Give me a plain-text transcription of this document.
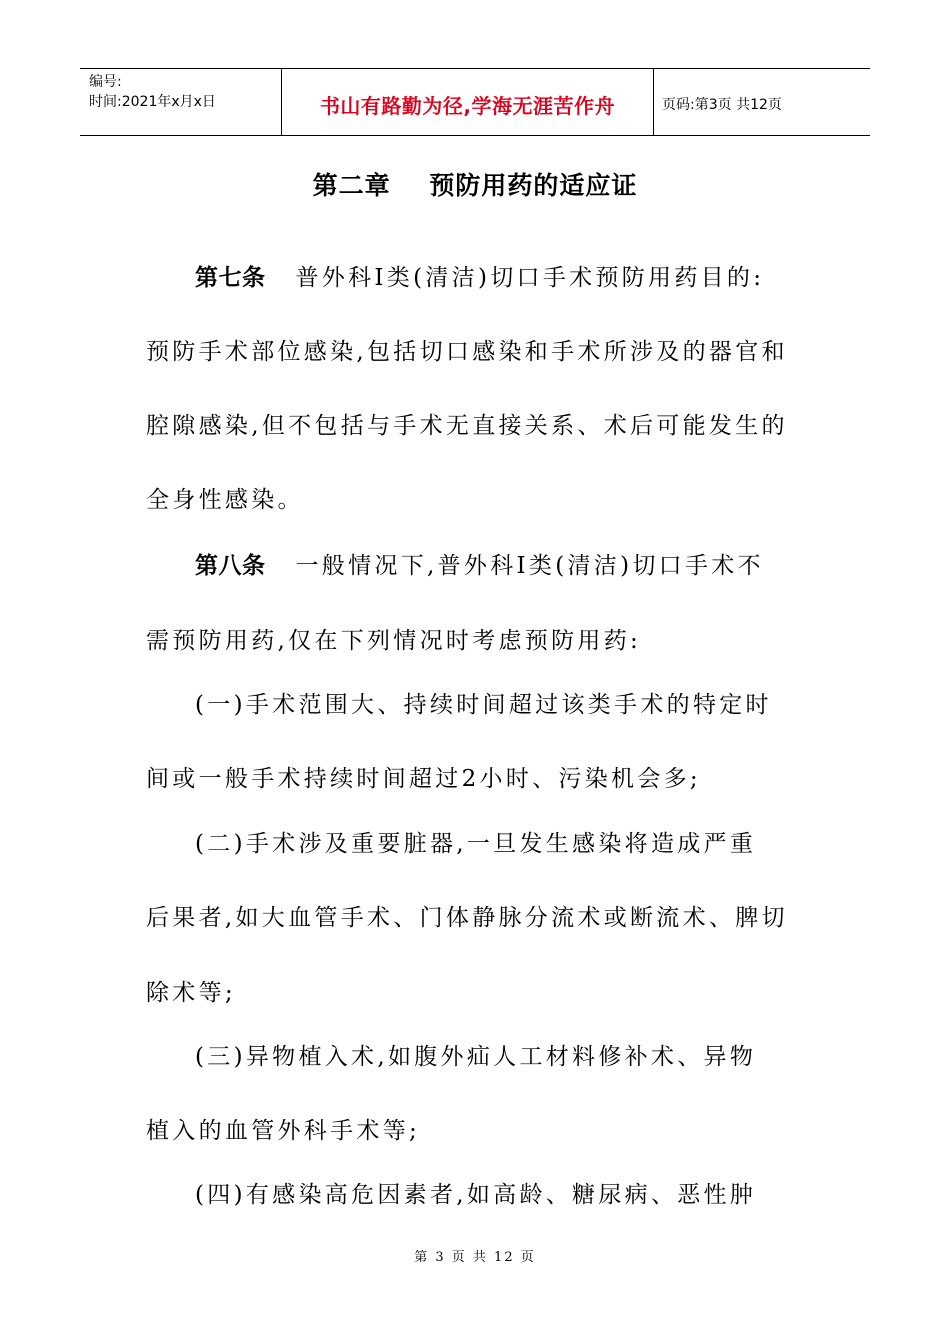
编号:
时间:2021年x月x日	书山有路勤为径,学海无涯苦作舟	页码:第3页 共12页
第二章    预防用药的适应证
第七条 普外科Ⅰ类(清洁)切口手术预防用药目的:
预防手术部位感染,包括切口感染和手术所涉及的器官和
腔隙感染,但不包括与手术无直接关系、术后可能发生的
全身性感染。
第八条 一般情况下,普外科Ⅰ类(清洁)切口手术不
需预防用药,仅在下列情况时考虑预防用药:
(一)手术范围大、持续时间超过该类手术的特定时
间或一般手术持续时间超过2小时、污染机会多;
(二)手术涉及重要脏器,一旦发生感染将造成严重
后果者,如大血管手术、门体静脉分流术或断流术、脾切
除术等;
(三)异物植入术,如腹外疝人工材料修补术、异物
植入的血管外科手术等;
(四)有感染高危因素者,如高龄、糖尿病、恶性肿
第 3 页 共 12 页
